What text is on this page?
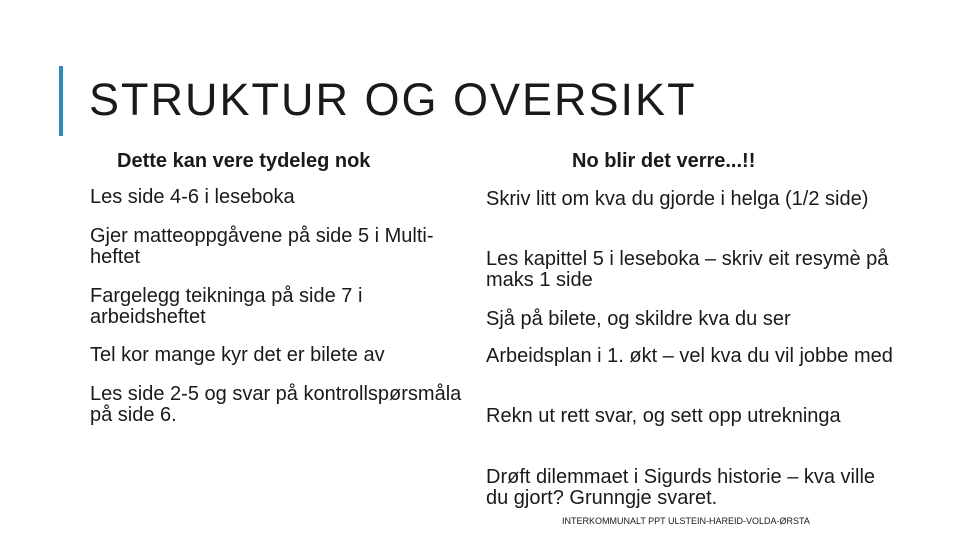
STRUKTUR OG OVERSIKT
Dette kan vere tydeleg nok	No blir det verre...!!

Les side 4-6 i leseboka

Gjer matteoppgåvene på side 5 i Multi-heftet

Fargelegg teikninga på side 7 i arbeidsheftet

Tel kor mange kyr det er bilete av

Les side 2-5 og svar på kontrollspørsmåla på side 6.

Skriv litt om kva du gjorde i helga (1/2 side)

Les kapittel 5 i leseboka – skriv eit resymè på maks 1 side

Sjå på bilete, og skildre kva du ser

Arbeidsplan i 1. økt – vel kva du vil jobbe med

Rekn ut rett svar, og sett opp utrekninga

Drøft dilemmaet i Sigurds historie – kva ville du gjort? Grunngje svaret.

INTERKOMMUNALT PPT ULSTEIN-HAREID-VOLDA-ØRSTA
